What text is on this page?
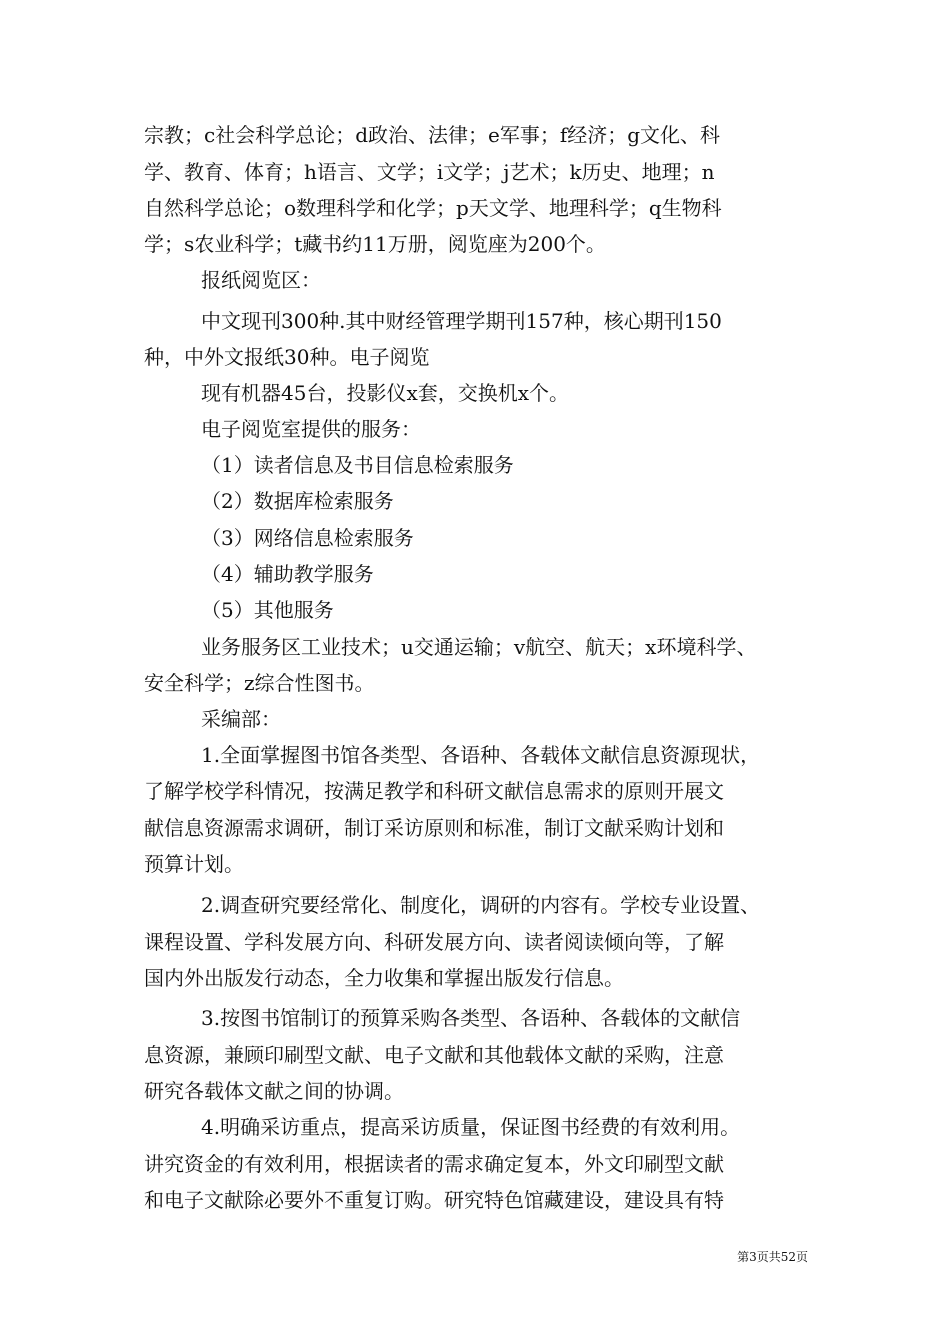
宗教；c社会科学总论；d政治、法律；e军事；f经济；g文化、科
学、教育、体育；h语言、文学；i文学；j艺术；k历史、地理；n
自然科学总论；o数理科学和化学；p天文学、地理科学；q生物科
学；s农业科学；t藏书约11万册，阅览座为200个。
报纸阅览区：
中文现刊300种.其中财经管理学期刊157种，核心期刊150
种，中外文报纸30种。电子阅览
现有机器45台，投影仪x套，交换机x个。
电子阅览室提供的服务：
（1）读者信息及书目信息检索服务
（2）数据库检索服务
（3）网络信息检索服务
（4）辅助教学服务
（5）其他服务
业务服务区工业技术；u交通运输；v航空、航天；x环境科学、
安全科学；z综合性图书。
采编部：
1.全面掌握图书馆各类型、各语种、各载体文献信息资源现状，
了解学校学科情况，按满足教学和科研文献信息需求的原则开展文
献信息资源需求调研，制订采访原则和标准，制订文献采购计划和
预算计划。
2.调查研究要经常化、制度化，调研的内容有。学校专业设置、
课程设置、学科发展方向、科研发展方向、读者阅读倾向等，了解
国内外出版发行动态，全力收集和掌握出版发行信息。
3.按图书馆制订的预算采购各类型、各语种、各载体的文献信
息资源，兼顾印刷型文献、电子文献和其他载体文献的采购，注意
研究各载体文献之间的协调。
4.明确采访重点，提高采访质量，保证图书经费的有效利用。
讲究资金的有效利用，根据读者的需求确定复本，外文印刷型文献
和电子文献除必要外不重复订购。研究特色馆藏建设，建设具有特
第3页共52页
